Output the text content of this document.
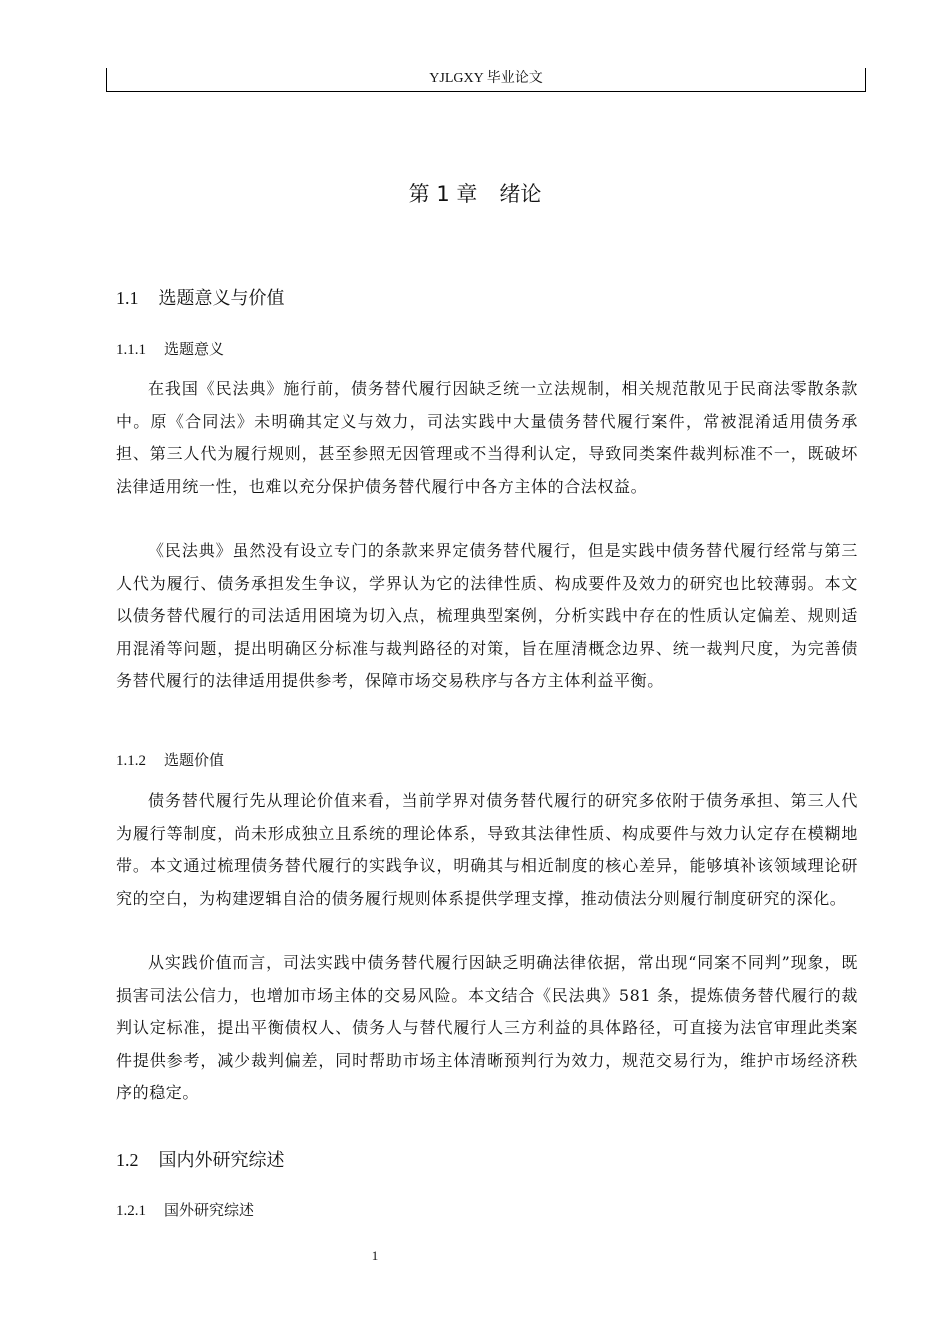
YJLGXY 毕业论文
第 1 章 绪论
1.1 选题意义与价值
1.1.1 选题意义

在我国《民法典》施行前，债务替代履行因缺乏统一立法规制，相关规范散见于民商法零散条款中。原《合同法》未明确其定义与效力，司法实践中大量债务替代履行案件，常被混淆适用债务承担、第三人代为履行规则，甚至参照无因管理或不当得利认定，导致同类案件裁判标准不一，既破坏法律适用统一性，也难以充分保护债务替代履行中各方主体的合法权益。

《民法典》虽然没有设立专门的条款来界定债务替代履行，但是实践中债务替代履行经常与第三人代为履行、债务承担发生争议，学界认为它的法律性质、构成要件及效力的研究也比较薄弱。本文以债务替代履行的司法适用困境为切入点，梳理典型案例，分析实践中存在的性质认定偏差、规则适用混淆等问题，提出明确区分标准与裁判路径的对策，旨在厘清概念边界、统一裁判尺度，为完善债务替代履行的法律适用提供参考，保障市场交易秩序与各方主体利益平衡。

1.1.2 选题价值

债务替代履行先从理论价值来看，当前学界对债务替代履行的研究多依附于债务承担、第三人代为履行等制度，尚未形成独立且系统的理论体系，导致其法律性质、构成要件与效力认定存在模糊地带。本文通过梳理债务替代履行的实践争议，明确其与相近制度的核心差异，能够填补该领域理论研究的空白，为构建逻辑自洽的债务履行规则体系提供学理支撑，推动债法分则履行制度研究的深化。

从实践价值而言，司法实践中债务替代履行因缺乏明确法律依据，常出现“同案不同判”现象，既损害司法公信力，也增加市场主体的交易风险。本文结合《民法典》581 条，提炼债务替代履行的裁判认定标准，提出平衡债权人、债务人与替代履行人三方利益的具体路径，可直接为法官审理此类案件提供参考，减少裁判偏差，同时帮助市场主体清晰预判行为效力，规范交易行为，维护市场经济秩序的稳定。

1.2 国内外研究综述
1.2.1 国外研究综述
1
